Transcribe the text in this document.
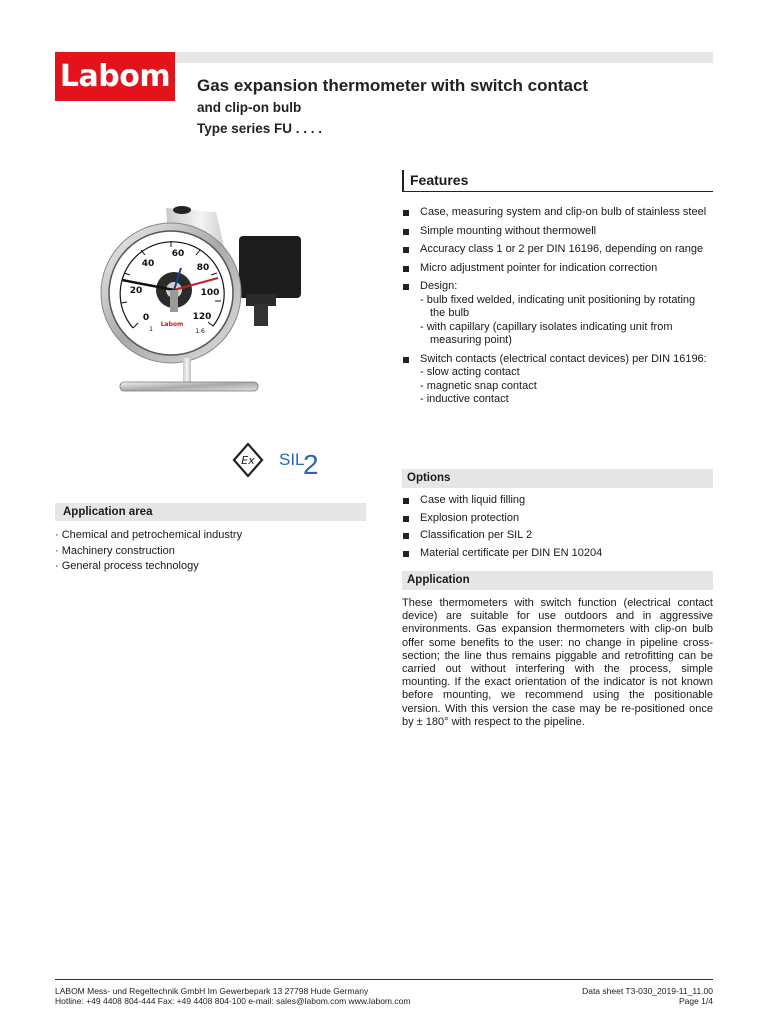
Labom Gas expansion thermometer with switch contact
and clip-on bulb
Type series FU . . . .
0
20
40
60
80
100
120
1	1.6
Labom
Ex SIL
2
Features
Case, measuring system and clip-on bulb of stainless steel
Simple mounting without thermowell
Accuracy class 1 or 2 per DIN 16196, depending on range
Micro adjustment pointer for indication correction
Design:
- bulb fixed welded, indicating unit positioning by rotating the bulb
- with capillary (capillary isolates indicating unit from measuring point)
Switch contacts (electrical contact devices) per DIN 16196:
- slow acting contact
- magnetic snap contact
- inductive contact
Options
Case with liquid filling
Explosion protection
Classification per SIL 2
Material certificate per DIN EN 10204
Application

These thermometers with switch function (electrical contact device) are suitable for use outdoors and in aggressive environments. Gas expansion thermometers with clip-on bulb offer some benefits to the user: no change in pipeline cross-section; the line thus remains piggable and retrofitting can be carried out without interfering with the process, simple mounting. If the exact orientation of the indicator is not known before mounting, we recommend using the positionable version. With this version the case may be re-positioned once by ± 180° with respect to the pipeline.

Application area
· Chemical and petrochemical industry
· Machinery construction
· General process technology
LABOM Mess- und Regeltechnik GmbH Im Gewerbepark 13 27798 Hude Germany
Hotline: +49 4408 804-444 Fax: +49 4408 804-100 e-mail: sales@labom.com www.labom.com
Data sheet T3-030_2019-11_11.00
Page 1/4
